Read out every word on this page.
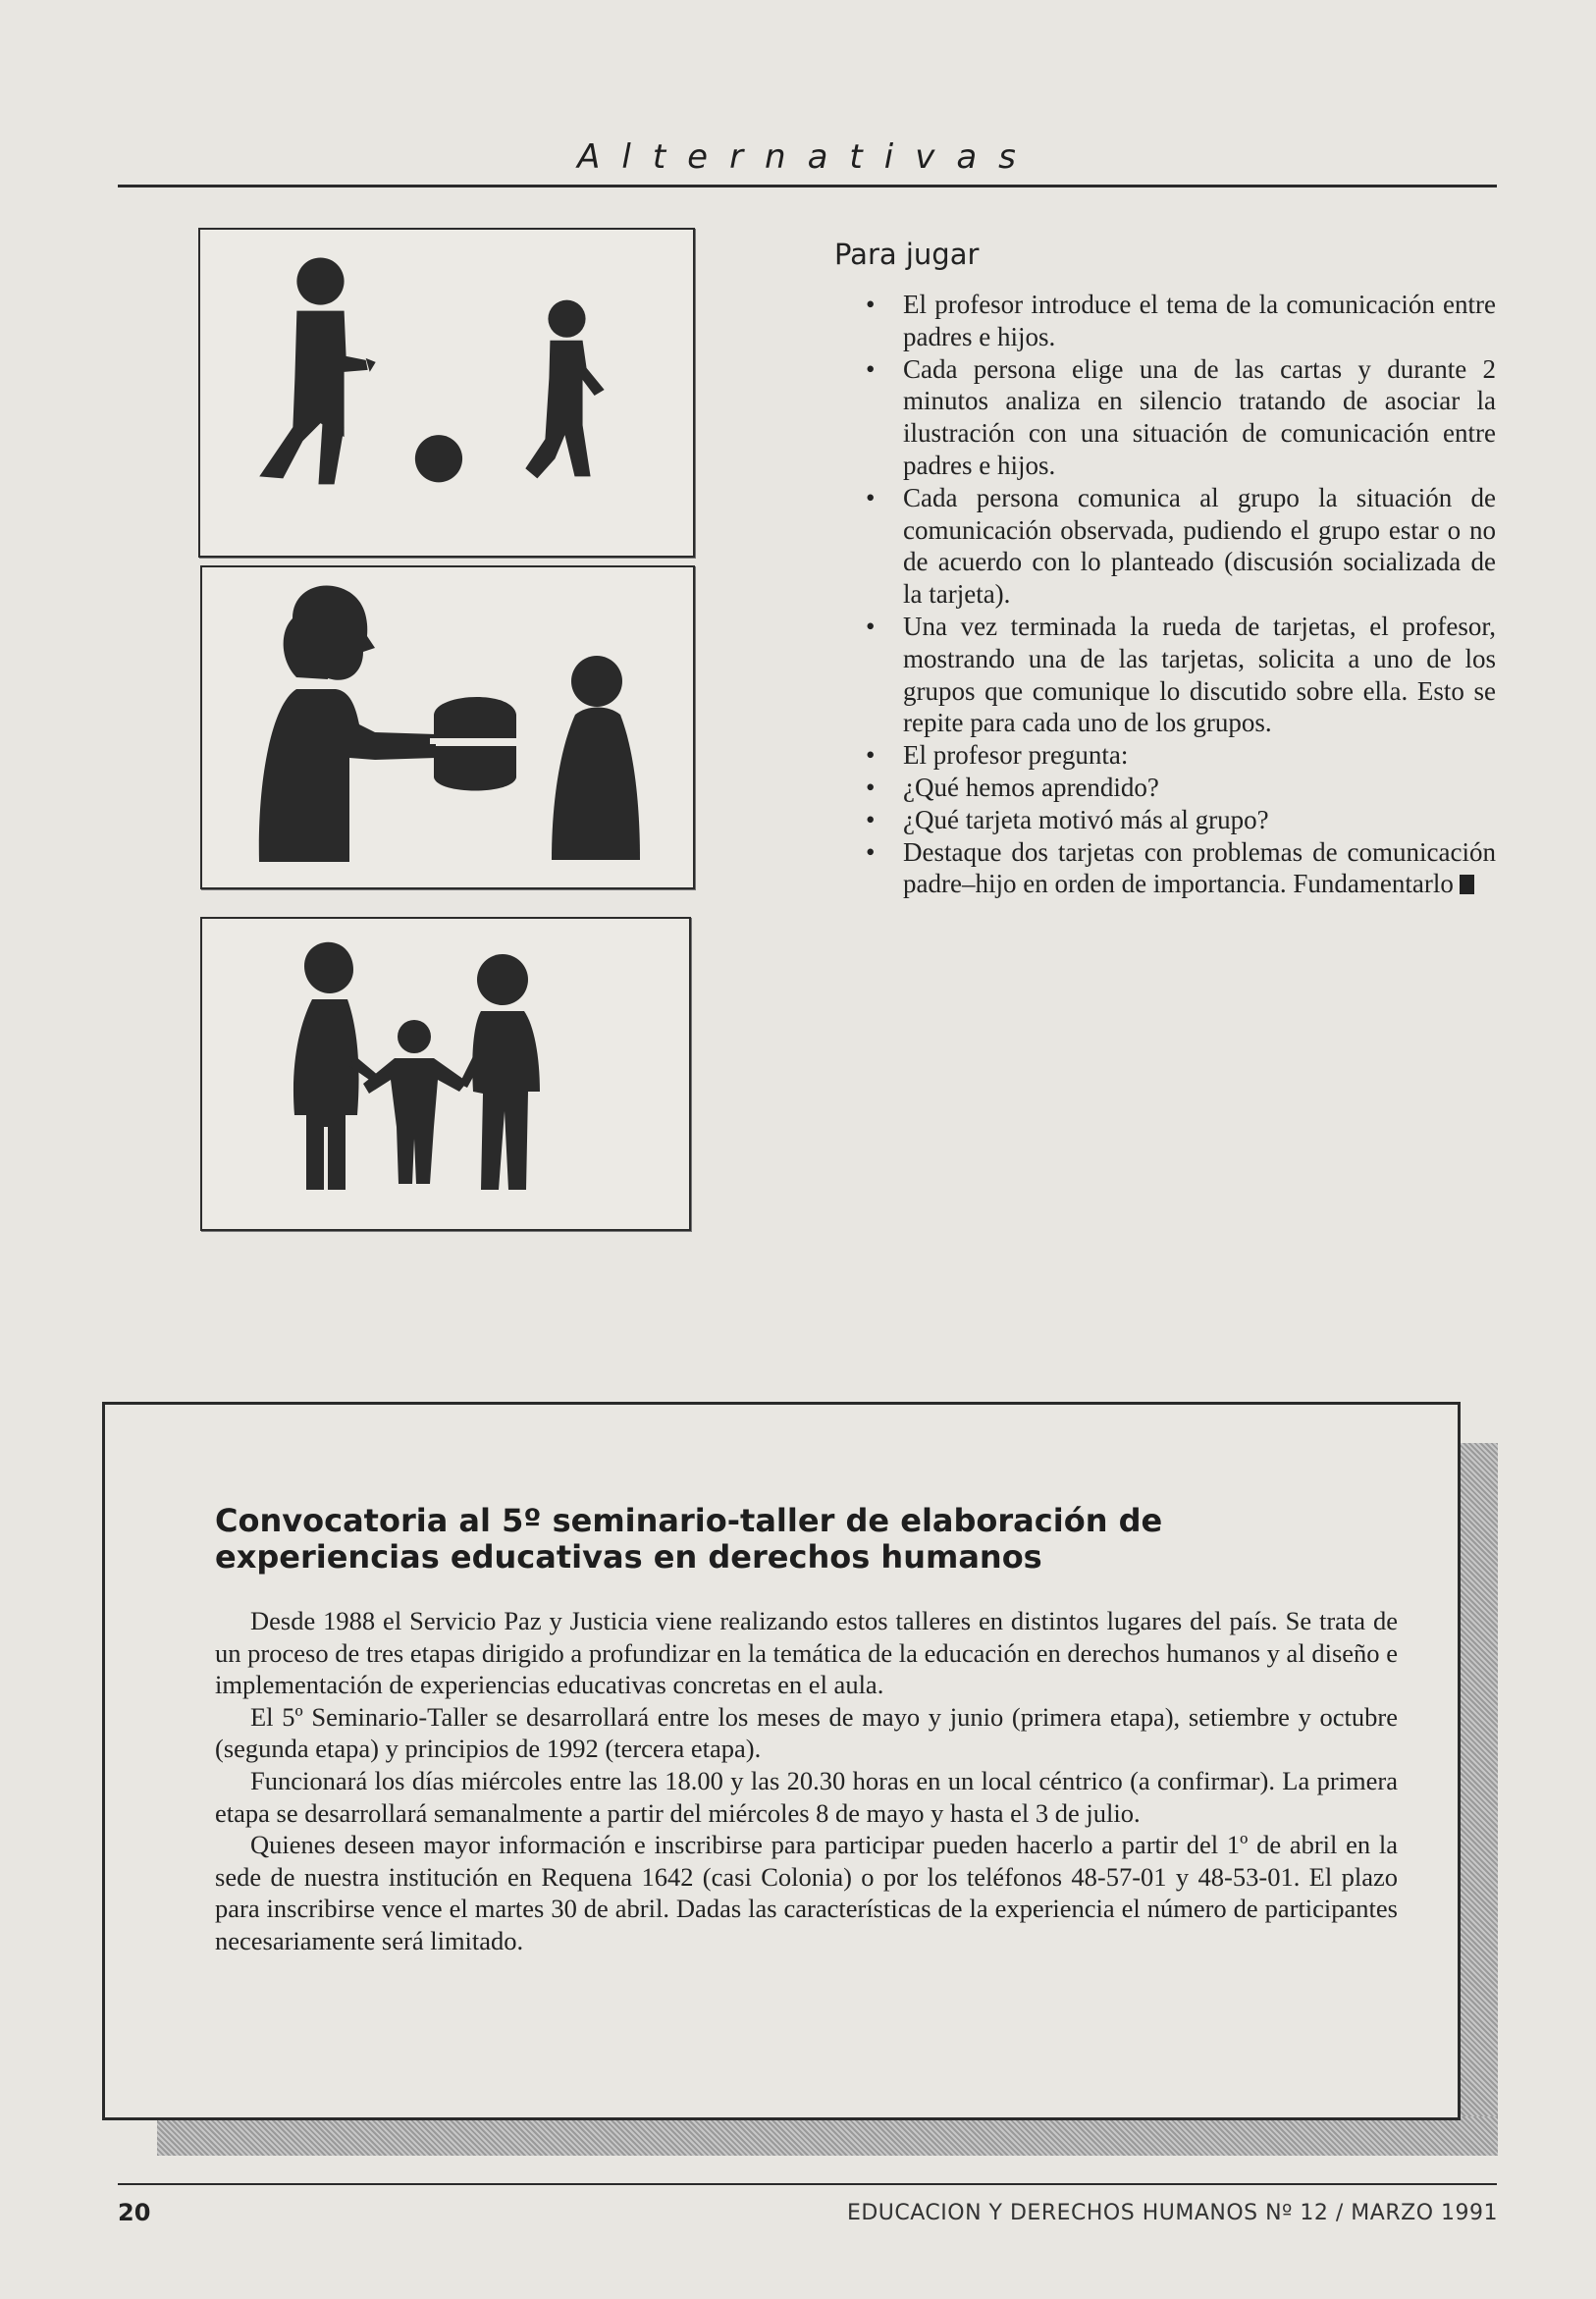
Alternativas
Para jugar
• El profesor introduce el tema de la comunicación entre padres e hijos.
• Cada persona elige una de las cartas y durante 2 minutos analiza en silencio tratando de asociar la ilustración con una situación de comunicación entre padres e hijos.
• Cada persona comunica al grupo la situación de comunicación observada, pudiendo el grupo estar o no de acuerdo con lo planteado (discusión socializada de la tarjeta).
• Una vez terminada la rueda de tarjetas, el profesor, mostrando una de las tarjetas, solicita a uno de los grupos que comunique lo discutido sobre ella. Esto se repite para cada uno de los grupos.
• El profesor pregunta:
• ¿Qué hemos aprendido?
• ¿Qué tarjeta motivó más al grupo?
• Destaque dos tarjetas con problemas de comunicación padre–hijo en orden de importancia. Fundamentarlo
Convocatoria al 5º seminario-taller de elaboración de experiencias educativas en derechos humanos

Desde 1988 el Servicio Paz y Justicia viene realizando estos talleres en distintos lugares del país. Se trata de un proceso de tres etapas dirigido a profundizar en la temática de la educación en derechos humanos y al diseño e implementación de experiencias educativas concretas en el aula.

El 5º Seminario-Taller se desarrollará entre los meses de mayo y junio (primera etapa), setiembre y octubre (segunda etapa) y principios de 1992 (tercera etapa).

Funcionará los días miércoles entre las 18.00 y las 20.30 horas en un local céntrico (a confirmar). La primera etapa se desarrollará semanalmente a partir del miércoles 8 de mayo y hasta el 3 de julio.

Quienes deseen mayor información e inscribirse para participar pueden hacerlo a partir del 1º de abril en la sede de nuestra institución en Requena 1642 (casi Colonia) o por los teléfonos 48-57-01 y 48-53-01. El plazo para inscribirse vence el martes 30 de abril. Dadas las características de la experiencia el número de participantes necesariamente será limitado.

20	EDUCACION Y DERECHOS HUMANOS Nº 12 / MARZO 1991
